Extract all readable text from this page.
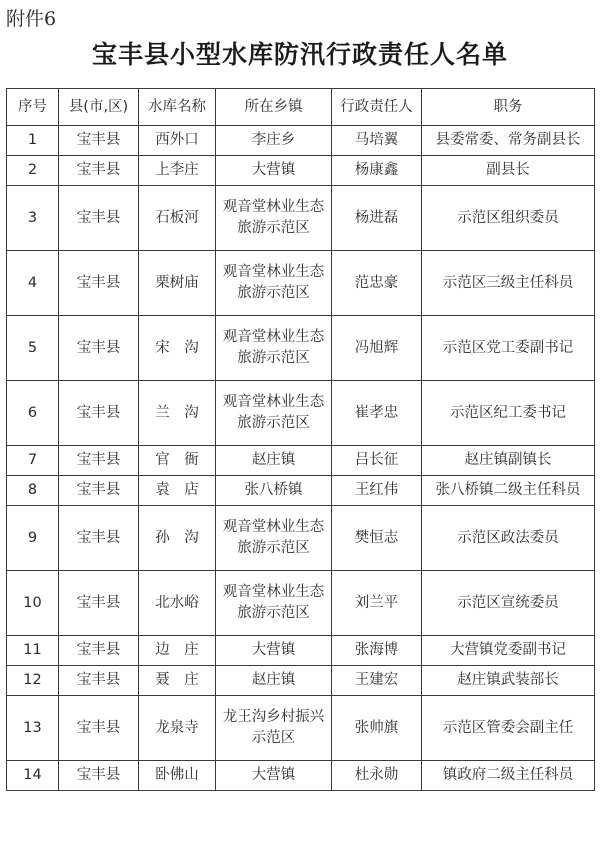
附件6
宝丰县小型水库防汛行政责任人名单
序号	县(市,区)	水库名称	所在乡镇	行政责任人	职务
1	宝丰县	西外口	李庄乡	马培翼	县委常委、常务副县长
2	宝丰县	上李庄	大营镇	杨康鑫	副县长
3	宝丰县	石板河	观音堂林业生态旅游示范区	杨进磊	示范区组织委员
4	宝丰县	栗树庙	观音堂林业生态旅游示范区	范忠豪	示范区三级主任科员
5	宝丰县	宋　沟	观音堂林业生态旅游示范区	冯旭辉	示范区党工委副书记
6	宝丰县	兰　沟	观音堂林业生态旅游示范区	崔孝忠	示范区纪工委书记
7	宝丰县	官　衙	赵庄镇	吕长征	赵庄镇副镇长
8	宝丰县	袁　店	张八桥镇	王红伟	张八桥镇二级主任科员
9	宝丰县	孙　沟	观音堂林业生态旅游示范区	樊恒志	示范区政法委员
10	宝丰县	北水峪	观音堂林业生态旅游示范区	刘兰平	示范区宣统委员
11	宝丰县	边　庄	大营镇	张海博	大营镇党委副书记
12	宝丰县	聂　庄	赵庄镇	王建宏	赵庄镇武装部长
13	宝丰县	龙泉寺	龙王沟乡村振兴示范区	张帅旗	示范区管委会副主任
14	宝丰县	卧佛山	大营镇	杜永勋	镇政府二级主任科员
